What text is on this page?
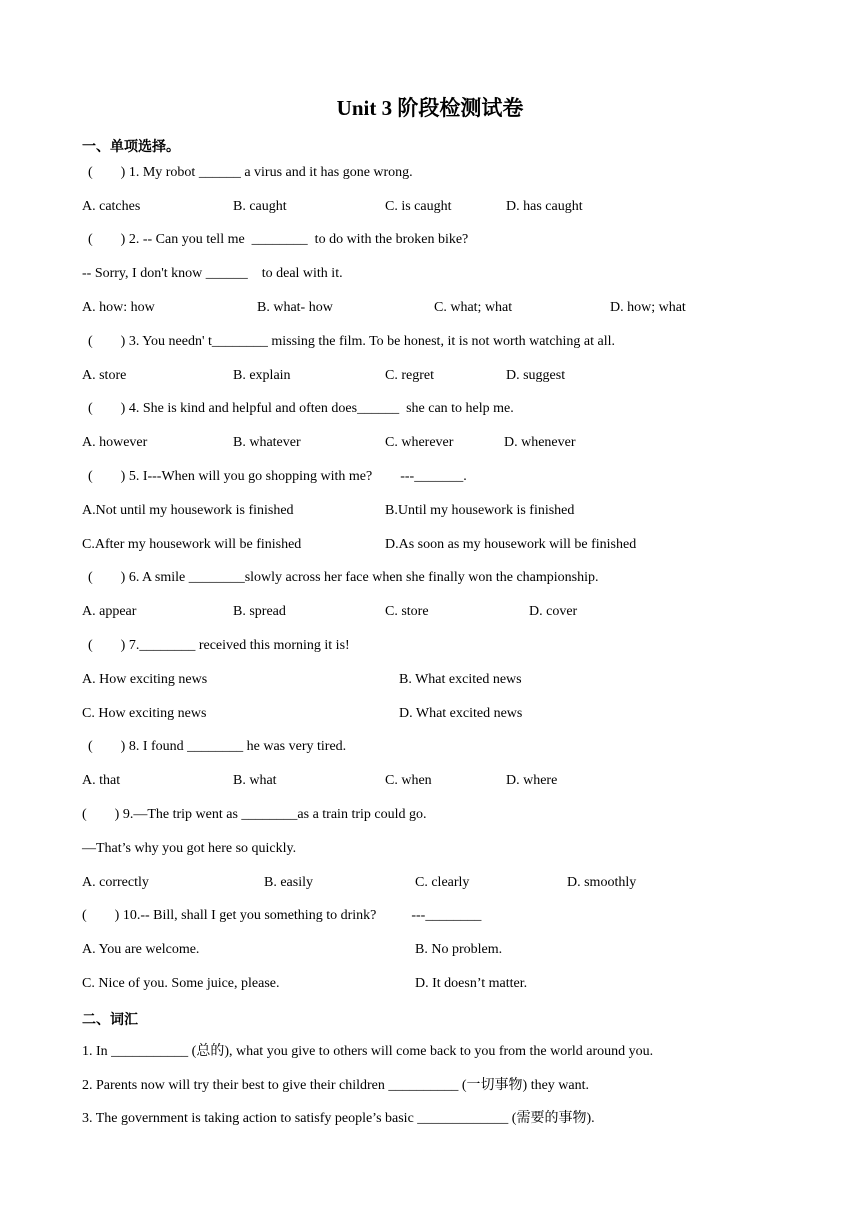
Unit 3 阶段检测试卷
一、单项选择。
(        ) 1. My robot ______ a virus and it has gone wrong.
A. catches	B. caught	C. is caught	D. has caught
(        ) 2. -- Can you tell me  ________  to do with the broken bike?
-- Sorry, I don't know ______    to deal with it.
A. how: how	B. what- how	C. what; what	D. how; what
(        ) 3. You needn' t________ missing the film. To be honest, it is not worth watching at all.
A. store	B. explain	C. regret	D. suggest
(        ) 4. She is kind and helpful and often does______  she can to help me.
A. however	B. whatever	C. wherever	D. whenever
(        ) 5. I---When will you go shopping with me?        ---_______.
A.Not until my housework is finished	B.Until my housework is finished
C.After my housework will be finished	D.As soon as my housework will be finished
(        ) 6. A smile ________slowly across her face when she finally won the championship.
A. appear	B. spread	C. store	D. cover
(        ) 7.________ received this morning it is!
A. How exciting news	B. What excited news
C. How exciting news	D. What excited news
(        ) 8. I found ________ he was very tired.
A. that	B. what	C. when	D. where
(        ) 9.—The trip went as ________as a train trip could go.
—That’s why you got here so quickly.
A. correctly	B. easily	C. clearly	D. smoothly
(        ) 10.-- Bill, shall I get you something to drink?          ---________
A. You are welcome.	B. No problem.
C. Nice of you. Some juice, please.	D. It doesn’t matter.
二、词汇
1. In ___________ (总的), what you give to others will come back to you from the world around you.
2. Parents now will try their best to give their children __________ (一切事物) they want.
3. The government is taking action to satisfy people’s basic _____________ (需要的事物).
